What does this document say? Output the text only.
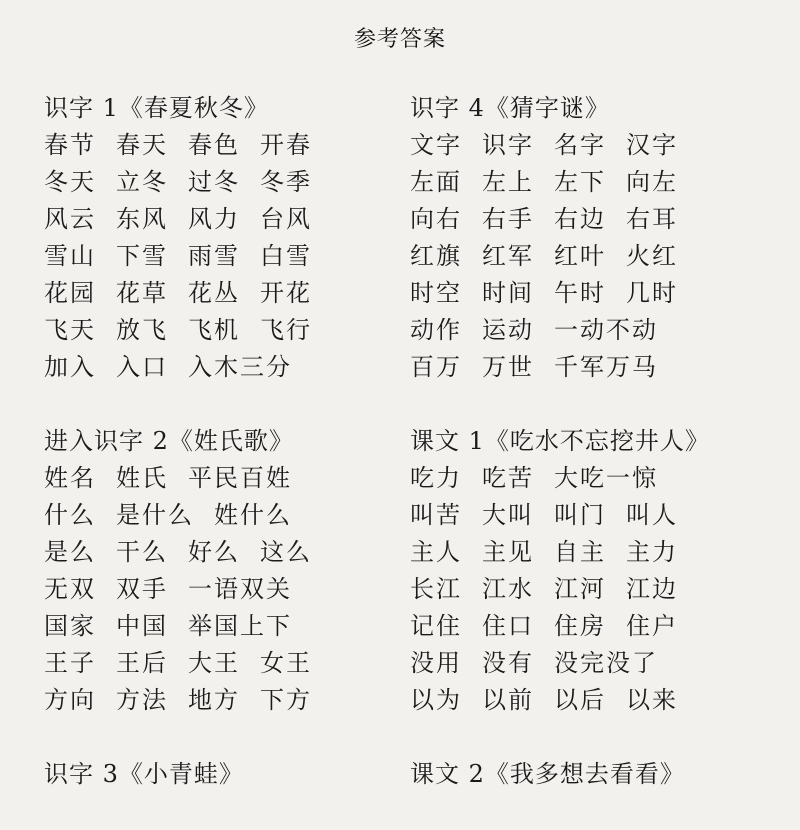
参考答案
识字 1《春夏秋冬》
春节 春天 春色 开春
冬天 立冬 过冬 冬季
风云 东风 风力 台风
雪山 下雪 雨雪 白雪
花园 花草 花丛 开花
飞天 放飞 飞机 飞行
加入 入口 入木三分
进入识字 2《姓氏歌》
姓名 姓氏 平民百姓
什么 是什么 姓什么
是么 干么 好么 这么
无双 双手 一语双关
国家 中国 举国上下
王子 王后 大王 女王
方向 方法 地方 下方
识字 3《小青蛙》
识字 4《猜字谜》
文字 识字 名字 汉字
左面 左上 左下 向左
向右 右手 右边 右耳
红旗 红军 红叶 火红
时空 时间 午时 几时
动作 运动 一动不动
百万 万世 千军万马
课文 1《吃水不忘挖井人》
吃力 吃苦 大吃一惊
叫苦 大叫 叫门 叫人
主人 主见 自主 主力
长江 江水 江河 江边
记住 住口 住房 住户
没用 没有 没完没了
以为 以前 以后 以来
课文 2《我多想去看看》
